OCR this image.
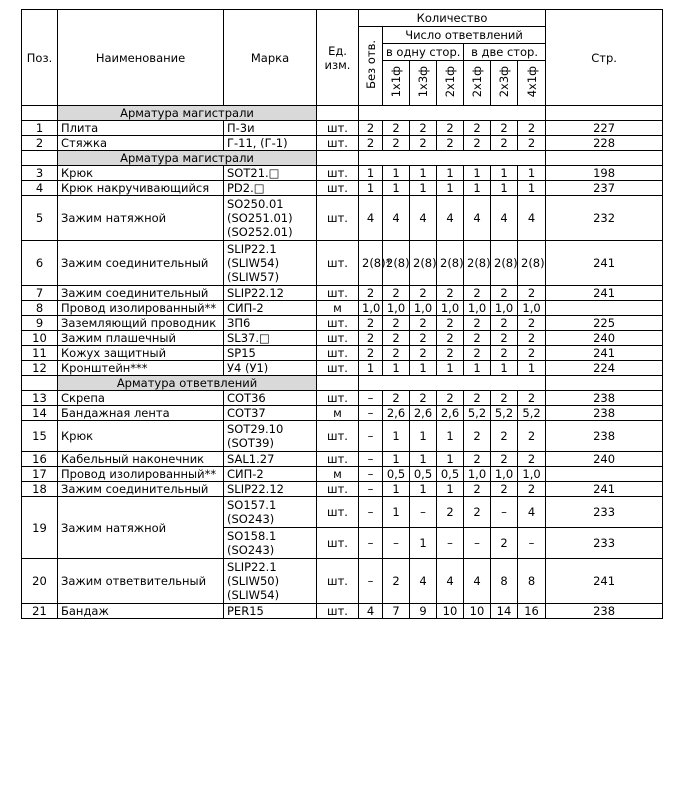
Поз.	Наименование	Марка	Ед. изм.	Количество							Стр.
				Без отв.	Число ответвлений						
					в одну стор.			в две стор.			
					1х1ф	1х3ф	2х1ф	2х1ф	2х3ф	4х1ф	
	Арматура магистрали										
1	Плита	П-3и	шт.	2	2	2	2	2	2	2	227
2	Стяжка	Г-11, (Г-1)	шт.	2	2	2	2	2	2	2	228
	Арматура магистрали										
3	Крюк	SOT21.□	шт.	1	1	1	1	1	1	1	198
4	Крюк накручивающийся	PD2.□	шт.	1	1	1	1	1	1	1	237
5	Зажим натяжной	SO250.01
(SO251.01)
(SO252.01)	шт.	4	4	4	4	4	4	4	232
6	Зажим соединительный	SLIP22.1
(SLIW54)
(SLIW57)	шт.	2(8)*	2(8)	2(8)	2(8)	2(8)	2(8)	2(8)	241
7	Зажим соединительный	SLIP22.12	шт.	2	2	2	2	2	2	2	241
8	Провод изолированный**	СИП-2	м	1,0	1,0	1,0	1,0	1,0	1,0	1,0	
9	Заземляющий проводник	ЗП6	шт.	2	2	2	2	2	2	2	225
10	Зажим плашечный	SL37.□	шт.	2	2	2	2	2	2	2	240
11	Кожух защитный	SP15	шт.	2	2	2	2	2	2	2	241
12	Кронштейн***	У4 (У1)	шт.	1	1	1	1	1	1	1	224
	Арматура ответвлений										
13	Скрепа	COT36	шт.	–	2	2	2	2	2	2	238
14	Бандажная лента	COT37	м	–	2,6	2,6	2,6	5,2	5,2	5,2	238
15	Крюк	SOT29.10
(SOT39)	шт.	–	1	1	1	2	2	2	238
16	Кабельный наконечник	SAL1.27	шт.	–	1	1	1	2	2	2	240
17	Провод изолированный**	СИП-2	м	–	0,5	0,5	0,5	1,0	1,0	1,0	
18	Зажим соединительный	SLIP22.12	шт.	–	1	1	1	2	2	2	241
19	Зажим натяжной	SO157.1
(SO243)	шт.	–	1	–	2	2	–	4	233
		SO158.1
(SO243)	шт.	–	–	1	–	–	2	–	233
20	Зажим ответвительный	SLIP22.1
(SLIW50)
(SLIW54)	шт.	–	2	4	4	4	8	8	241
21	Бандаж	PER15	шт.	4	7	9	10	10	14	16	238
